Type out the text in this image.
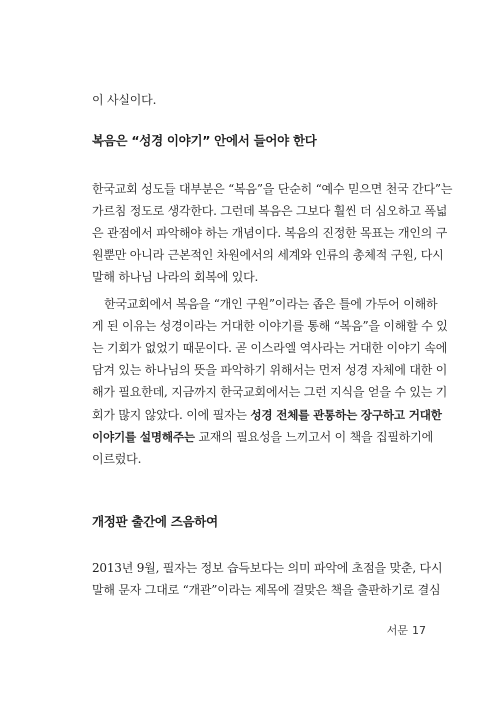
이 사실이다.
복음은 “성경 이야기” 안에서 들어야 한다
한국교회 성도들 대부분은 “복음”을 단순히 “예수 믿으면 천국 간다”는
가르침 정도로 생각한다. 그런데 복음은 그보다 훨씬 더 심오하고 폭넓
은 관점에서 파악해야 하는 개념이다. 복음의 진정한 목표는 개인의 구
원뿐만 아니라 근본적인 차원에서의 세계와 인류의 총체적 구원, 다시
말해 하나님 나라의 회복에 있다.
한국교회에서 복음을 “개인 구원”이라는 좁은 틀에 가두어 이해하
게 된 이유는 성경이라는 거대한 이야기를 통해 “복음”을 이해할 수 있
는 기회가 없었기 때문이다. 곧 이스라엘 역사라는 거대한 이야기 속에
담겨 있는 하나님의 뜻을 파악하기 위해서는 먼저 성경 자체에 대한 이
해가 필요한데, 지금까지 한국교회에서는 그런 지식을 얻을 수 있는 기
회가 많지 않았다. 이에 필자는 성경 전체를 관통하는 장구하고 거대한
이야기를 설명해주는 교재의 필요성을 느끼고서 이 책을 집필하기에
이르렀다.
개정판 출간에 즈음하여
2013년 9월, 필자는 정보 습득보다는 의미 파악에 초점을 맞춘, 다시
말해 문자 그대로 “개관”이라는 제목에 걸맞은 책을 출판하기로 결심
서문 17
